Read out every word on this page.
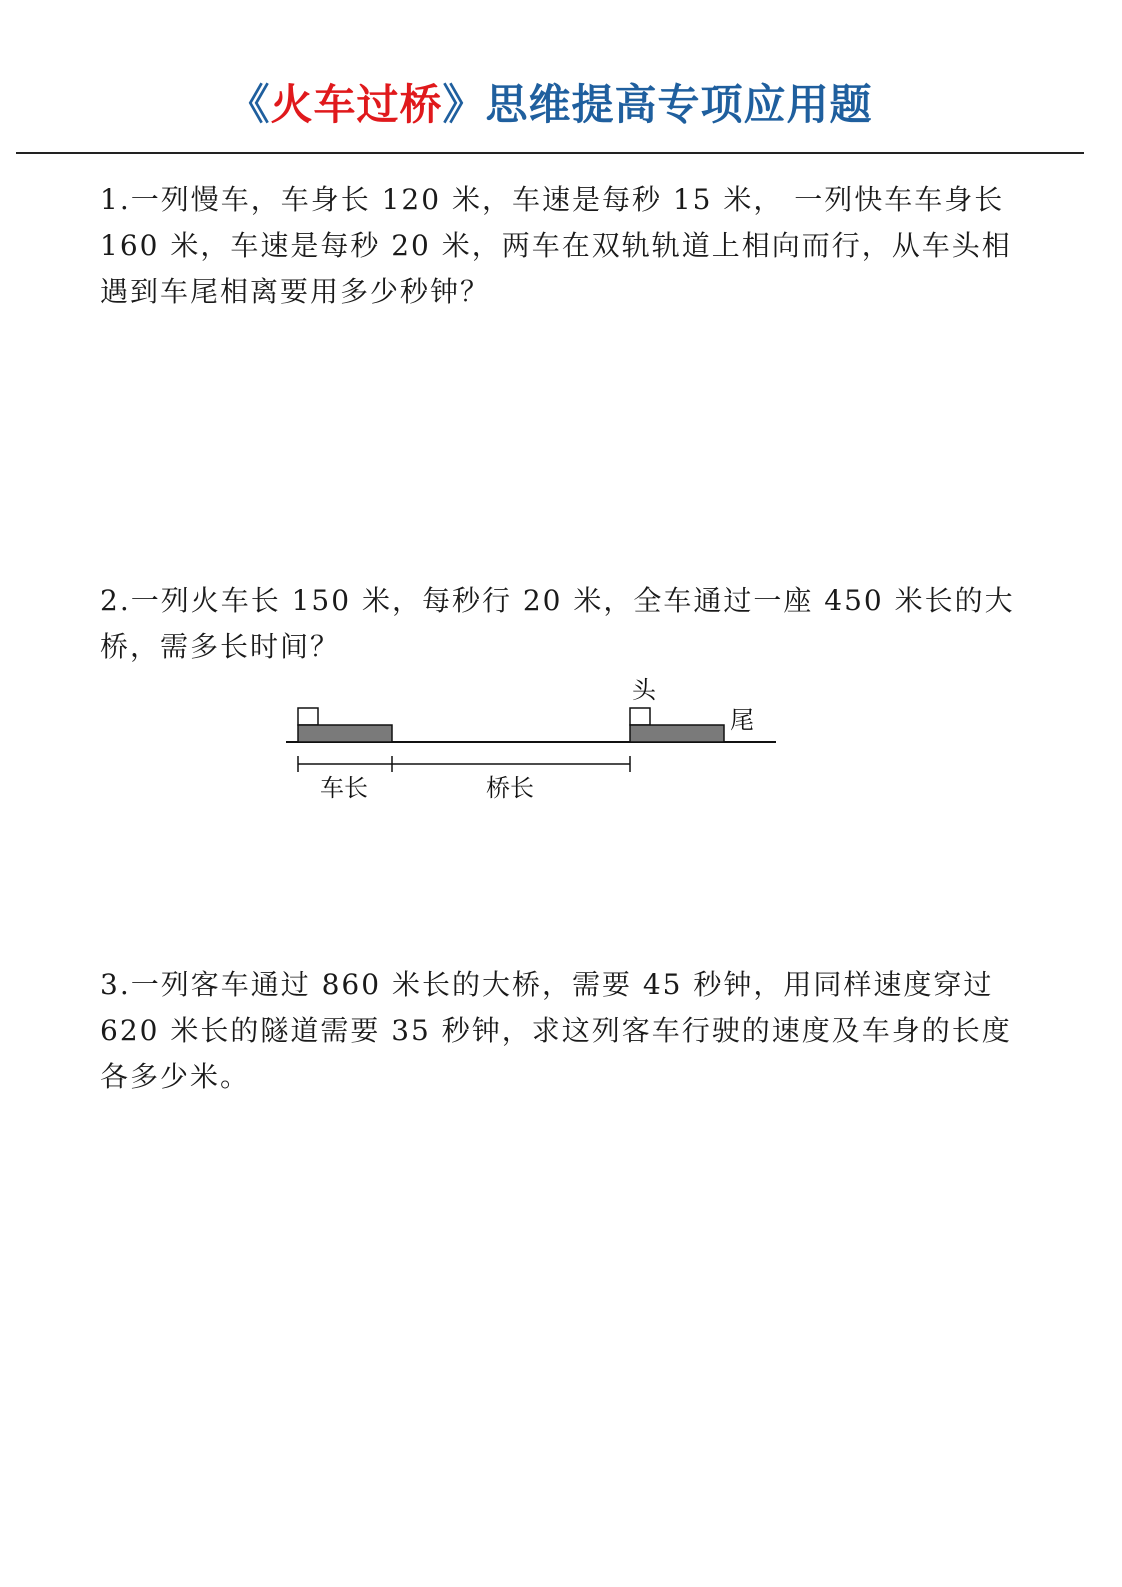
《火车过桥》思维提高专项应用题
1.一列慢车，车身长 120 米，车速是每秒 15 米， 一列快车车身长
160 米，车速是每秒 20 米，两车在双轨轨道上相向而行，从车头相
遇到车尾相离要用多少秒钟？
2.一列火车长 150 米，每秒行 20 米，全车通过一座 450 米长的大
桥，需多长时间？
头
尾
车长	桥长
3.一列客车通过 860 米长的大桥，需要 45 秒钟，用同样速度穿过
620 米长的隧道需要 35 秒钟，求这列客车行驶的速度及车身的长度
各多少米。
